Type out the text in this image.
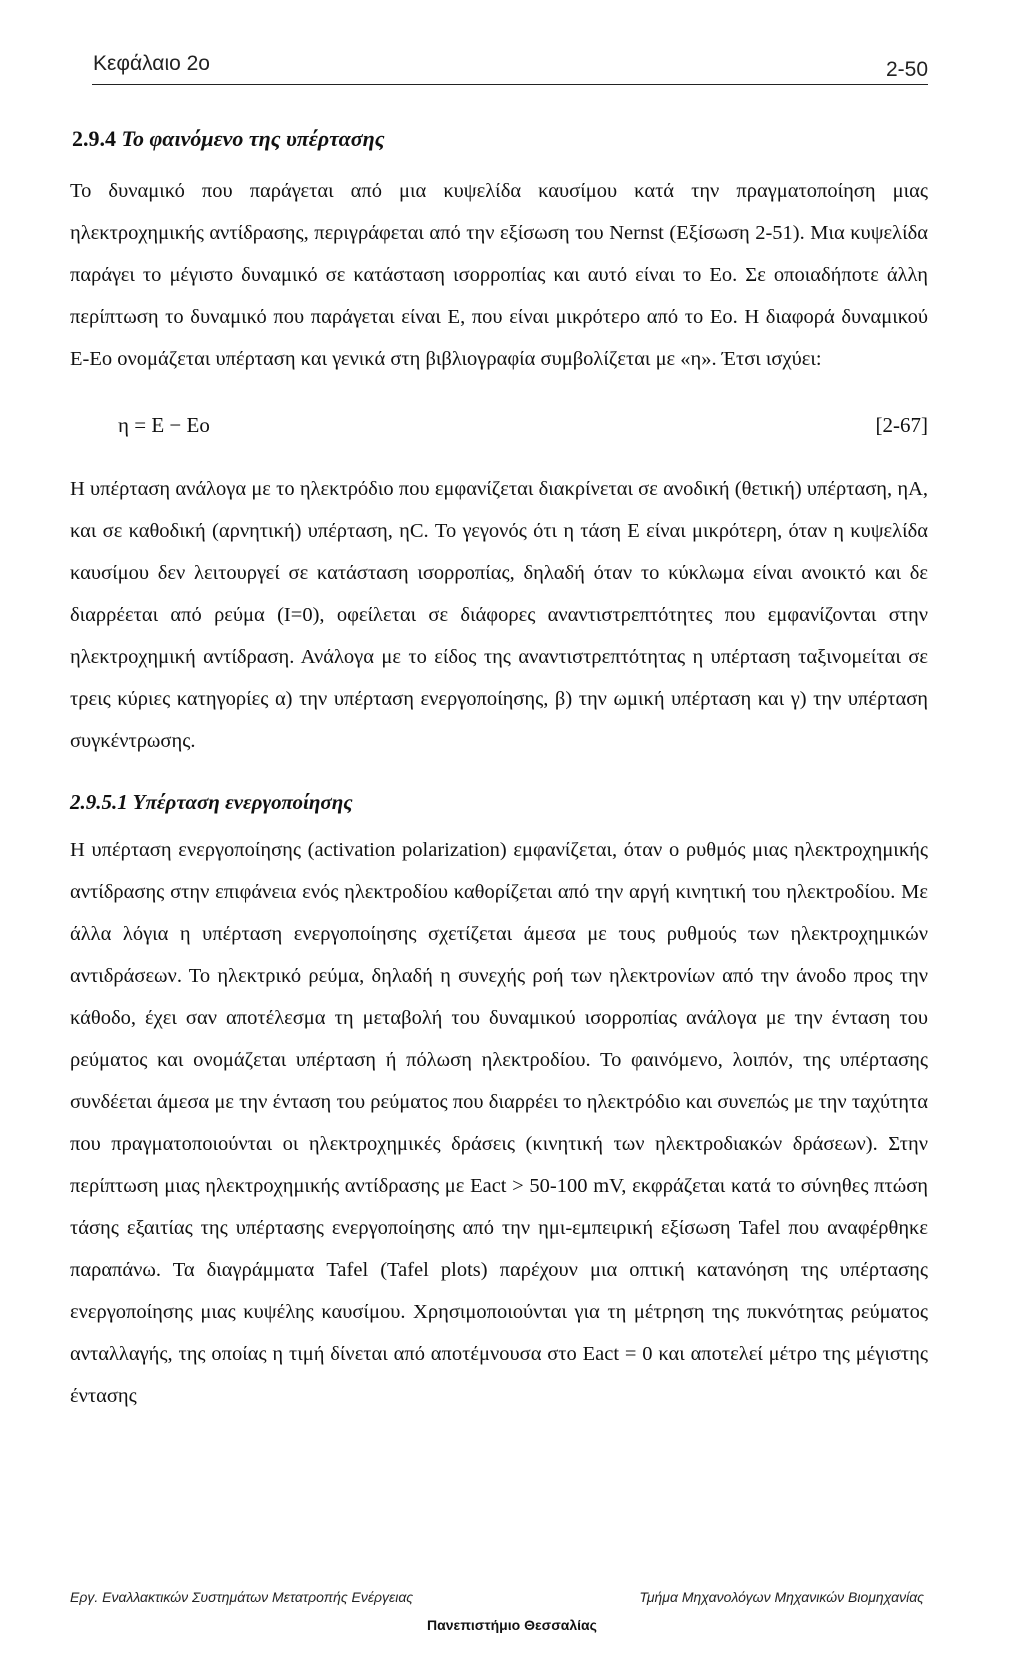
Κεφάλαιο 2ο	2-50
2.9.4 Το φαινόμενο της υπέρτασης

Το δυναμικό που παράγεται από μια κυψελίδα καυσίμου κατά την πραγματοποίηση μιας ηλεκτροχημικής αντίδρασης, περιγράφεται από την εξίσωση του Nernst (Εξίσωση 2-51). Μια κυψελίδα παράγει το μέγιστο δυναμικό σε κατάσταση ισορροπίας και αυτό είναι το Eo. Σε οποιαδήποτε άλλη περίπτωση το δυναμικό που παράγεται είναι E, που είναι μικρότερο από το Eo. Η διαφορά δυναμικού E-Eo ονομάζεται υπέρταση και γενικά στη βιβλιογραφία συμβολίζεται με «η». Έτσι ισχύει:

η = E − Eo	[2-67]

Η υπέρταση ανάλογα με το ηλεκτρόδιο που εμφανίζεται διακρίνεται σε ανοδική (θετική) υπέρταση, ηA, και σε καθοδική (αρνητική) υπέρταση, ηC. Το γεγονός ότι η τάση E είναι μικρότερη, όταν η κυψελίδα καυσίμου δεν λειτουργεί σε κατάσταση ισορροπίας, δηλαδή όταν το κύκλωμα είναι ανοικτό και δε διαρρέεται από ρεύμα (I=0), οφείλεται σε διάφορες αναντιστρεπτότητες που εμφανίζονται στην ηλεκτροχημική αντίδραση. Ανάλογα με το είδος της αναντιστρεπτότητας η υπέρταση ταξινομείται σε τρεις κύριες κατηγορίες α) την υπέρταση ενεργοποίησης, β) την ωμική υπέρταση και γ) την υπέρταση συγκέντρωσης.

2.9.5.1 Υπέρταση ενεργοποίησης

Η υπέρταση ενεργοποίησης (activation polarization) εμφανίζεται, όταν ο ρυθμός μιας ηλεκτροχημικής αντίδρασης στην επιφάνεια ενός ηλεκτροδίου καθορίζεται από την αργή κινητική του ηλεκτροδίου. Με άλλα λόγια η υπέρταση ενεργοποίησης σχετίζεται άμεσα με τους ρυθμούς των ηλεκτροχημικών αντιδράσεων. Το ηλεκτρικό ρεύμα, δηλαδή η συνεχής ροή των ηλεκτρονίων από την άνοδο προς την κάθοδο, έχει σαν αποτέλεσμα τη μεταβολή του δυναμικού ισορροπίας ανάλογα με την ένταση του ρεύματος και ονομάζεται υπέρταση ή πόλωση ηλεκτροδίου. Το φαινόμενο, λοιπόν, της υπέρτασης συνδέεται άμεσα με την ένταση του ρεύματος που διαρρέει το ηλεκτρόδιο και συνεπώς με την ταχύτητα που πραγματοποιούνται οι ηλεκτροχημικές δράσεις (κινητική των ηλεκτροδιακών δράσεων). Στην περίπτωση μιας ηλεκτροχημικής αντίδρασης με Eact > 50-100 mV, εκφράζεται κατά το σύνηθες πτώση τάσης εξαιτίας της υπέρτασης ενεργοποίησης από την ημι-εμπειρική εξίσωση Tafel που αναφέρθηκε παραπάνω. Τα διαγράμματα Tafel (Tafel plots) παρέχουν μια οπτική κατανόηση της υπέρτασης ενεργοποίησης μιας κυψέλης καυσίμου. Χρησιμοποιούνται για τη μέτρηση της πυκνότητας ρεύματος ανταλλαγής, της οποίας η τιμή δίνεται από αποτέμνουσα στο Eact = 0 και αποτελεί μέτρο της μέγιστης έντασης

Εργ. Εναλλακτικών Συστημάτων Μετατροπής Ενέργειας	Τμήμα Μηχανολόγων Μηχανικών Βιομηχανίας
Πανεπιστήμιο Θεσσαλίας
